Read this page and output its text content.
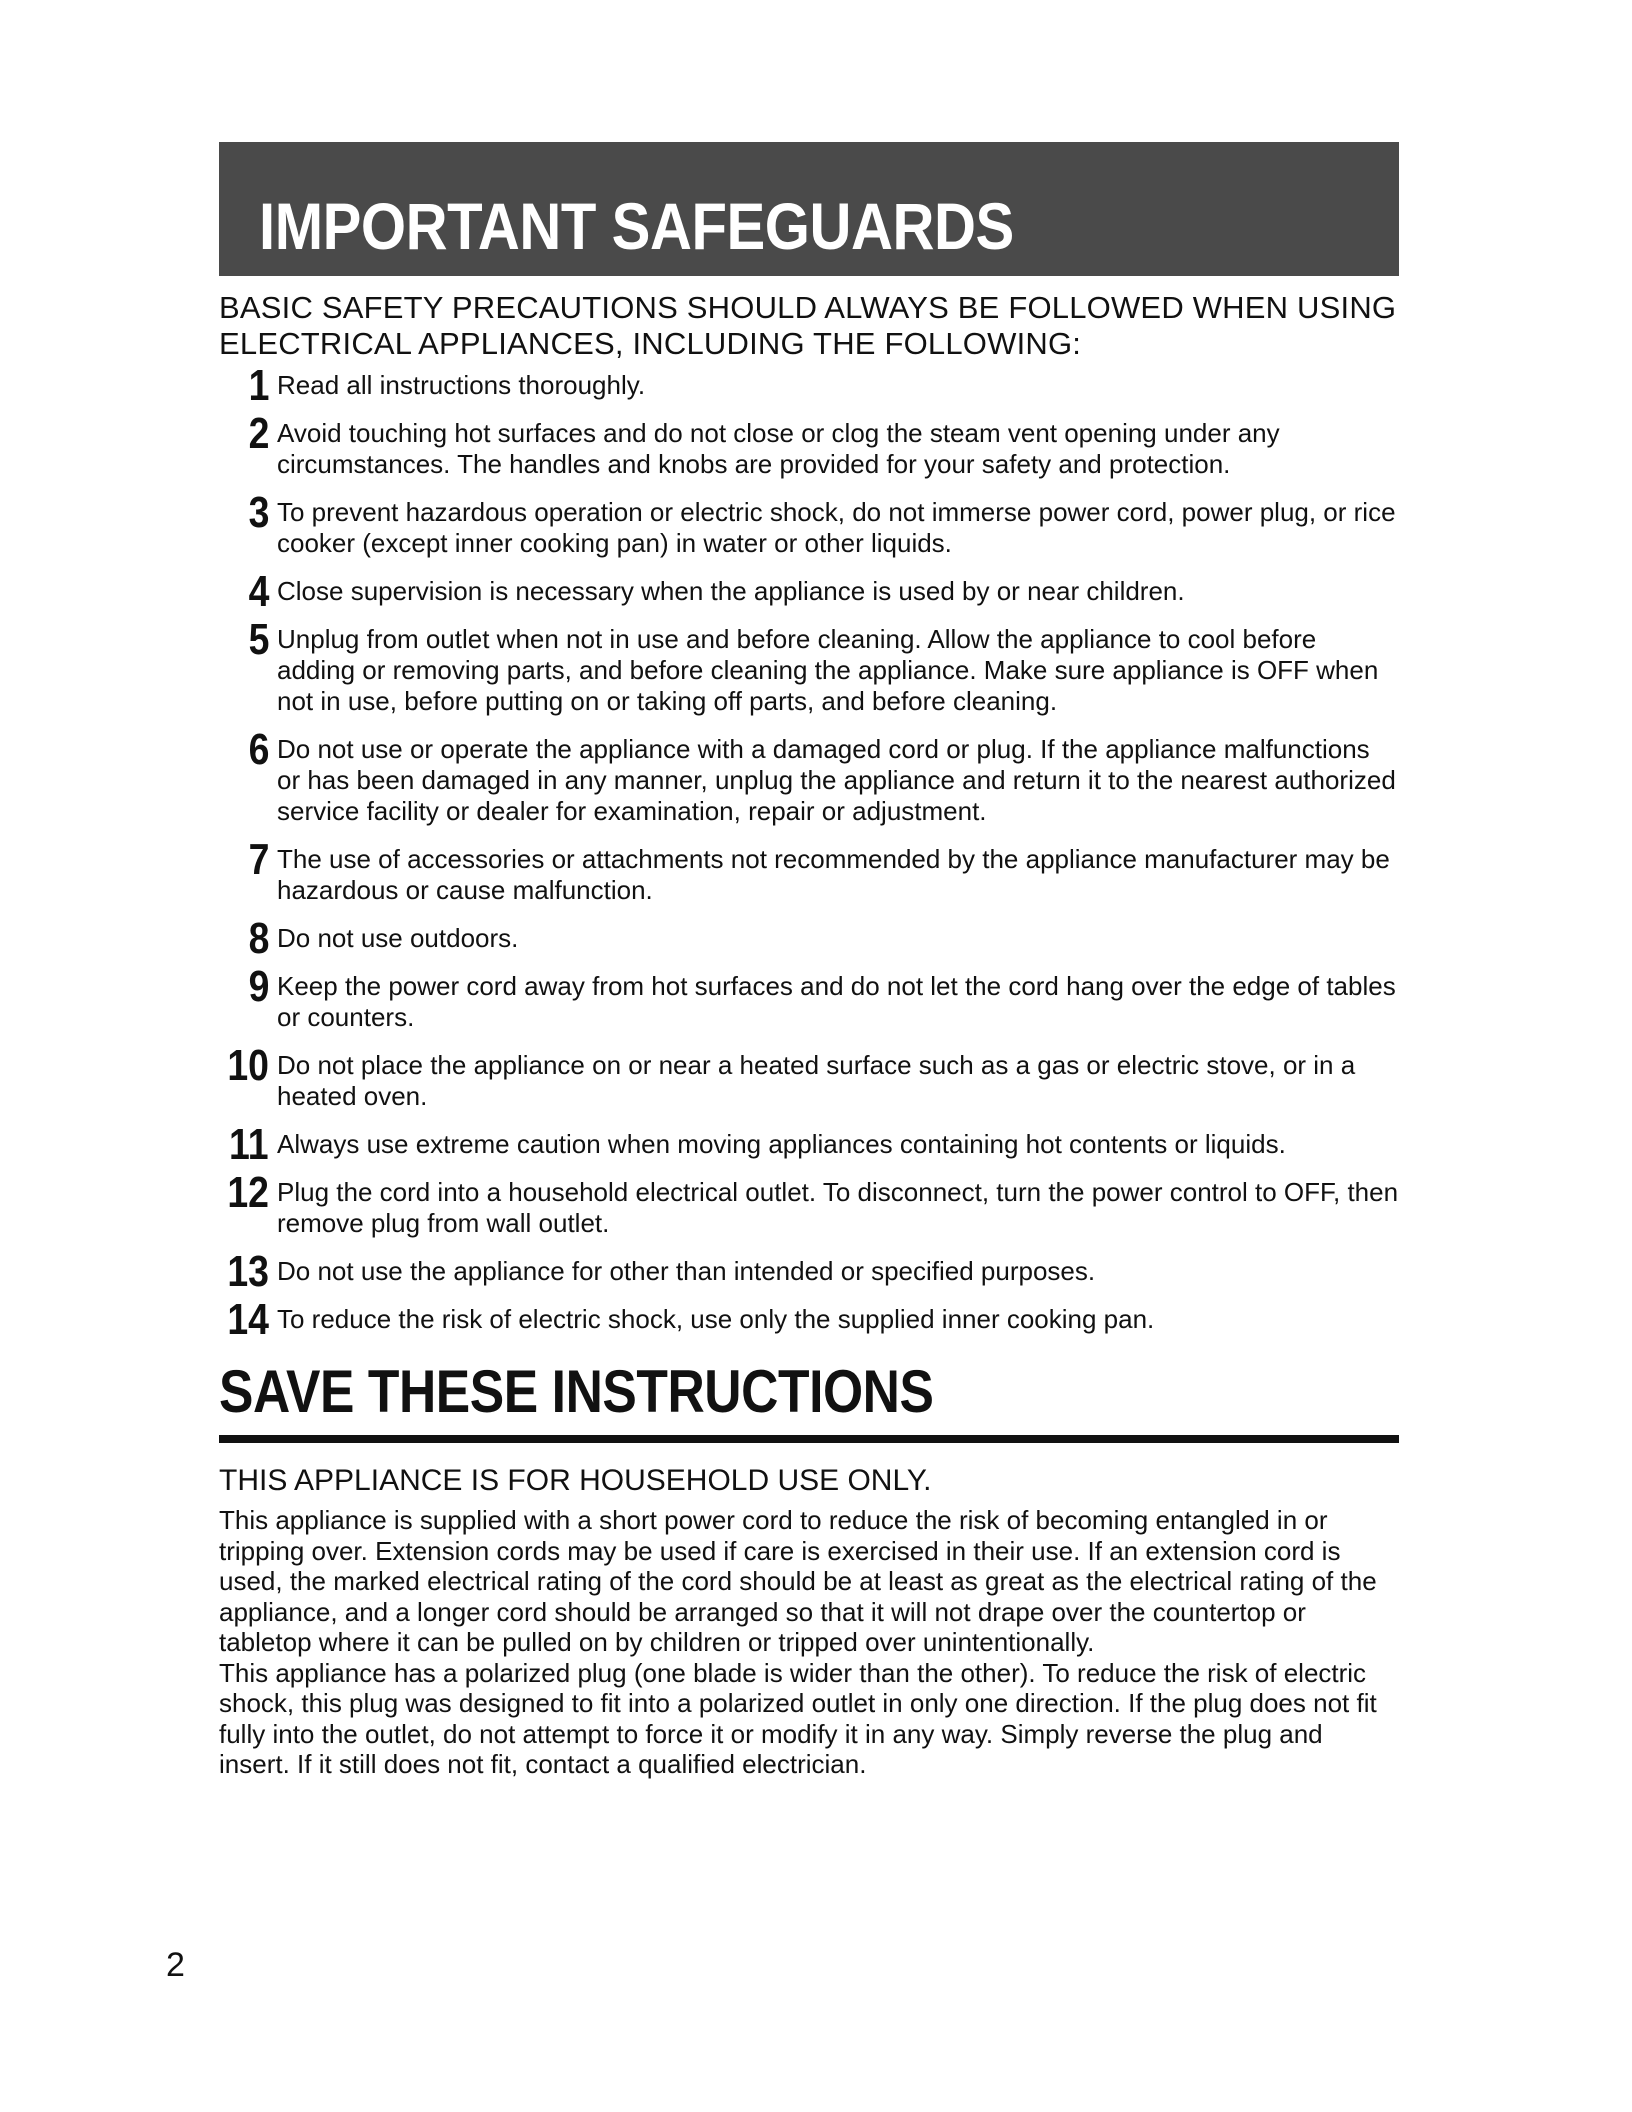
IMPORTANT SAFEGUARDS
BASIC SAFETY PRECAUTIONS SHOULD ALWAYS BE FOLLOWED WHEN USING ELECTRICAL APPLIANCES, INCLUDING THE FOLLOWING:
1 Read all instructions thoroughly.
2 Avoid touching hot surfaces and do not close or clog the steam vent opening under any circumstances. The handles and knobs are provided for your safety and protection.
3 To prevent hazardous operation or electric shock, do not immerse power cord, power plug, or rice cooker (except inner cooking pan) in water or other liquids.
4 Close supervision is necessary when the appliance is used by or near children.
5 Unplug from outlet when not in use and before cleaning. Allow the appliance to cool before adding or removing parts, and before cleaning the appliance. Make sure appliance is OFF when not in use, before putting on or taking off parts, and before cleaning.
6 Do not use or operate the appliance with a damaged cord or plug. If the appliance malfunctions or has been damaged in any manner, unplug the appliance and return it to the nearest authorized service facility or dealer for examination, repair or adjustment.
7 The use of accessories or attachments not recommended by the appliance manufacturer may be hazardous or cause malfunction.
8 Do not use outdoors.
9 Keep the power cord away from hot surfaces and do not let the cord hang over the edge of tables or counters.
10 Do not place the appliance on or near a heated surface such as a gas or electric stove, or in a heated oven.
11 Always use extreme caution when moving appliances containing hot contents or liquids.
12 Plug the cord into a household electrical outlet. To disconnect, turn the power control to OFF, then remove plug from wall outlet.
13 Do not use the appliance for other than intended or specified purposes.
14 To reduce the risk of electric shock, use only the supplied inner cooking pan.
SAVE THESE INSTRUCTIONS
THIS APPLIANCE IS FOR HOUSEHOLD USE ONLY.

This appliance is supplied with a short power cord to reduce the risk of becoming entangled in or tripping over. Extension cords may be used if care is exercised in their use. If an extension cord is used, the marked electrical rating of the cord should be at least as great as the electrical rating of the appliance, and a longer cord should be arranged so that it will not drape over the countertop or tabletop where it can be pulled on by children or tripped over unintentionally.

This appliance has a polarized plug (one blade is wider than the other). To reduce the risk of electric shock, this plug was designed to fit into a polarized outlet in only one direction. If the plug does not fit fully into the outlet, do not attempt to force it or modify it in any way. Simply reverse the plug and insert. If it still does not fit, contact a qualified electrician.

2
